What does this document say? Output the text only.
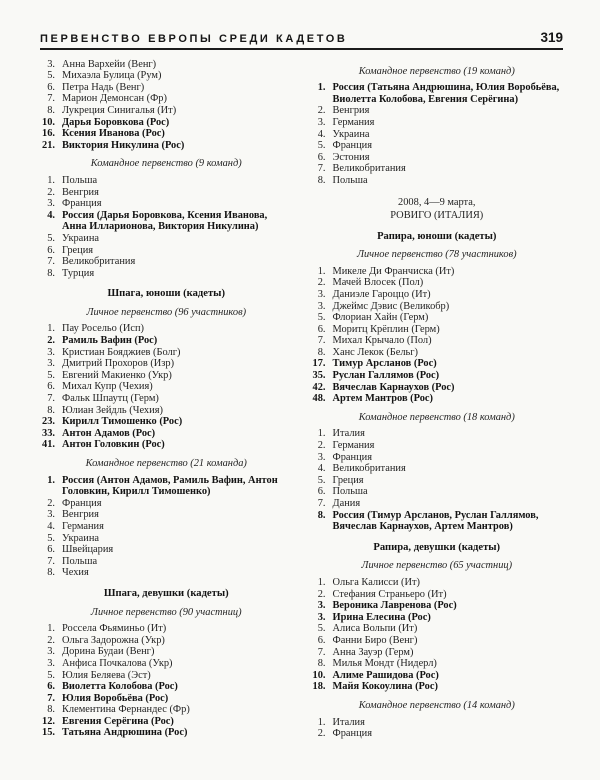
ПЕРВЕНСТВО ЕВРОПЫ СРЕДИ КАДЕТОВ	319
3. Анна Вархейи (Венг)
5. Михаэла Булица (Рум)
6. Петра Надь (Венг)
7. Марион Демонсан (Фр)
8. Лукреция Синигалья (Ит)
10. Дарья Боровкова (Рос)
16. Ксения Иванова (Рос)
21. Виктория Никулина (Рос)
Командное первенство (9 команд)
1. Польша
2. Венгрия
3. Франция
4. Россия (Дарья Боровкова, Ксения Иванова, Анна Илларионова, Виктория Никулина)
5. Украина
6. Греция
7. Великобритания
8. Турция
Шпага, юноши (кадеты)
Личное первенство (96 участников)
1. Пау Росельо (Исп)
2. Рамиль Вафин (Рос)
3. Кристиан Бояджиев (Болг)
3. Дмитрий Прохоров (Изр)
5. Евгений Макиенко (Укр)
6. Михал Купр (Чехия)
7. Фальк Шпаутц (Герм)
8. Юлиан Зейдль (Чехия)
23. Кирилл Тимошенко (Рос)
33. Антон Адамов (Рос)
41. Антон Головкин (Рос)
Командное первенство (21 команда)
1. Россия (Антон Адамов, Рамиль Вафин, Антон Головкин, Кирилл Тимошенко)
2. Франция
3. Венгрия
4. Германия
5. Украина
6. Швейцария
7. Польша
8. Чехия
Шпага, девушки (кадеты)
Личное первенство (90 участниц)
1. Россела Фьяминьо (Ит)
2. Ольга Задорожна (Укр)
3. Дорина Будаи (Венг)
3. Анфиса Почкалова (Укр)
5. Юлия Беляева (Эст)
6. Виолетта Колобова (Рос)
7. Юлия Воробьёва (Рос)
8. Клементина Фернандес (Фр)
12. Евгения Серёгина (Рос)
15. Татьяна Андрюшина (Рос)
Командное первенство (19 команд)
1. Россия (Татьяна Андрюшина, Юлия Воробьёва, Виолетта Колобова, Евгения Серёгина)
2. Венгрия
3. Германия
4. Украина
5. Франция
6. Эстония
7. Великобритания
8. Польша
2008, 4—9 марта,
РОВИГО (ИТАЛИЯ)
Рапира, юноши (кадеты)
Личное первенство (78 участников)
1. Микеле Ди Франчиска (Ит)
2. Мачей Влосек (Пол)
3. Даниэле Гароццо (Ит)
3. Джеймс Дэвис (Великобр)
5. Флориан Хайн (Герм)
6. Моритц Крёплин (Герм)
7. Михал Крычало (Пол)
8. Ханс Лекок (Бельг)
17. Тимур Арсланов (Рос)
35. Руслан Галлямов (Рос)
42. Вячеслав Карнаухов (Рос)
48. Артем Мантров (Рос)
Командное первенство (18 команд)
1. Италия
2. Германия
3. Франция
4. Великобритания
5. Греция
6. Польша
7. Дания
8. Россия (Тимур Арсланов, Руслан Галлямов, Вячеслав Карнаухов, Артем Мантров)
Рапира, девушки (кадеты)
Личное первенство (65 участниц)
1. Ольга Калисси (Ит)
2. Стефания Страньеро (Ит)
3. Вероника Лавренова (Рос)
3. Ирина Елесина (Рос)
5. Алиса Вольпи (Ит)
6. Фанни Биро (Венг)
7. Анна Зауэр (Герм)
8. Милья Мондт (Нидерл)
10. Алиме Рашидова (Рос)
18. Майя Кокоулина (Рос)
Командное первенство (14 команд)
1. Италия
2. Франция
